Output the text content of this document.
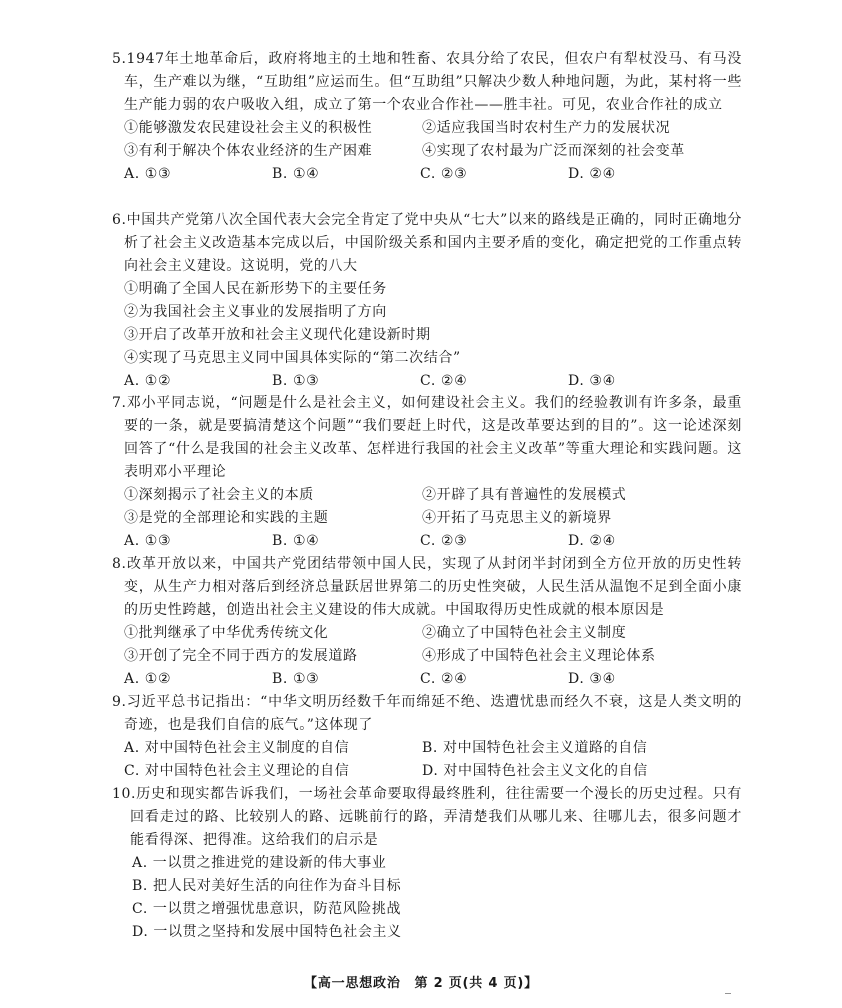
5.1947年土地革命后，政府将地主的土地和牲畜、农具分给了农民，但农户有犁杖没马、有马没车，生产难以为继，“互助组”应运而生。但“互助组”只解决少数人种地问题，为此，某村将一些生产能力弱的农户吸收入组，成立了第一个农业合作社——胜丰社。可见，农业合作社的成立

①能够激发农民建设社会主义的积极性	②适应我国当时农村生产力的发展状况
③有利于解决个体农业经济的生产困难	④实现了农村最为广泛而深刻的社会变革
A. ①③	B. ①④	C. ②③	D. ②④

6.中国共产党第八次全国代表大会完全肯定了党中央从“七大”以来的路线是正确的，同时正确地分析了社会主义改造基本完成以后，中国阶级关系和国内主要矛盾的变化，确定把党的工作重点转向社会主义建设。这说明，党的八大

①明确了全国人民在新形势下的主要任务
②为我国社会主义事业的发展指明了方向
③开启了改革开放和社会主义现代化建设新时期
④实现了马克思主义同中国具体实际的“第二次结合”
A. ①②	B. ①③	C. ②④	D. ③④

7.邓小平同志说，“问题是什么是社会主义，如何建设社会主义。我们的经验教训有许多条，最重要的一条，就是要搞清楚这个问题”“我们要赶上时代，这是改革要达到的目的”。这一论述深刻回答了“什么是我国的社会主义改革、怎样进行我国的社会主义改革”等重大理论和实践问题。这表明邓小平理论

①深刻揭示了社会主义的本质	②开辟了具有普遍性的发展模式
③是党的全部理论和实践的主题	④开拓了马克思主义的新境界
A. ①③	B. ①④	C. ②③	D. ②④

8.改革开放以来，中国共产党团结带领中国人民，实现了从封闭半封闭到全方位开放的历史性转变，从生产力相对落后到经济总量跃居世界第二的历史性突破，人民生活从温饱不足到全面小康的历史性跨越，创造出社会主义建设的伟大成就。中国取得历史性成就的根本原因是

①批判继承了中华优秀传统文化	②确立了中国特色社会主义制度
③开创了完全不同于西方的发展道路	④形成了中国特色社会主义理论体系
A. ①②	B. ①③	C. ②④	D. ③④

9.习近平总书记指出：“中华文明历经数千年而绵延不绝、迭遭忧患而经久不衰，这是人类文明的奇迹，也是我们自信的底气。”这体现了

A. 对中国特色社会主义制度的自信	B. 对中国特色社会主义道路的自信
C. 对中国特色社会主义理论的自信	D. 对中国特色社会主义文化的自信

10.历史和现实都告诉我们，一场社会革命要取得最终胜利，往往需要一个漫长的历史过程。只有回看走过的路、比较别人的路、远眺前行的路，弄清楚我们从哪儿来、往哪儿去，很多问题才能看得深、把得准。这给我们的启示是

A. 一以贯之推进党的建设新的伟大事业
B. 把人民对美好生活的向往作为奋斗目标
C. 一以贯之增强忧患意识，防范风险挑战
D. 一以贯之坚持和发展中国特色社会主义
【高一思想政治　第 2 页(共 4 页)】	_
